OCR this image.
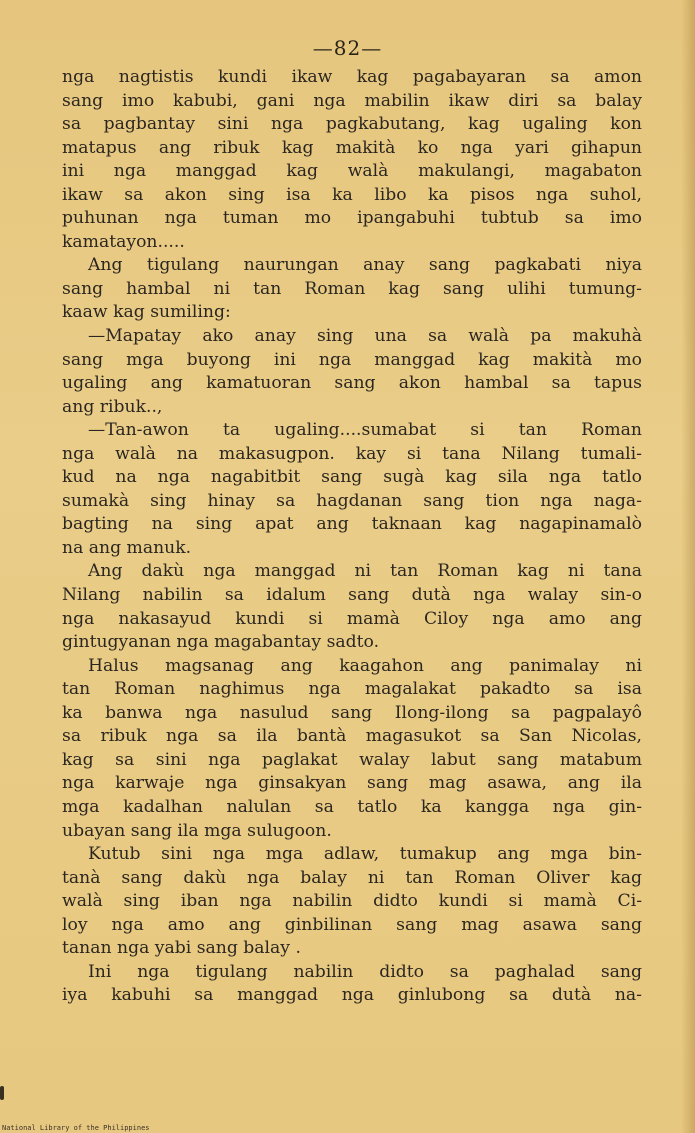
—82—
nga nagtistis kundi ikaw kag pagabayaran sa amon
sang imo kabubi, gani nga mabilin ikaw diri sa balay
sa pagbantay sini nga pagkabutang, kag ugaling kon
matapus ang ribuk kag makità ko nga yari gihapun
ini nga manggad kag walà makulangi, magabaton
ikaw sa akon sing isa ka libo ka pisos nga suhol,
puhunan nga tuman mo ipangabuhi tubtub sa imo
kamatayon.....
Ang tigulang naurungan anay sang pagkabati niya
sang hambal ni tan Roman kag sang ulihi tumung-
kaaw kag sumiling:
—Mapatay ako anay sing una sa walà pa makuhà
sang mga buyong ini nga manggad kag makità mo
ugaling ang kamatuoran sang akon hambal sa tapus
ang ribuk..,
—Tan-awon ta ugaling....sumabat si tan Roman
nga walà na makasugpon. kay si tana Nilang tumali-
kud na nga nagabitbit sang sugà kag sila nga tatlo
sumakà sing hinay sa hagdanan sang tion nga naga-
bagting na sing apat ang taknaan kag nagapinamalò
na ang manuk.
Ang dakù nga manggad ni tan Roman kag ni tana
Nilang nabilin sa idalum sang dutà nga walay sin-o
nga nakasayud kundi si mamà Ciloy nga amo ang
gintugyanan nga magabantay sadto.
Halus magsanag ang kaagahon ang panimalay ni
tan Roman naghimus nga magalakat pakadto sa isa
ka banwa nga nasulud sang Ilong-ilong sa pagpalayô
sa ribuk nga sa ila bantà magasukot sa San Nicolas,
kag sa sini nga paglakat walay labut sang matabum
nga karwaje nga ginsakyan sang mag asawa, ang ila
mga kadalhan nalulan sa tatlo ka kangga nga gin-
ubayan sang ila mga sulugoon.
Kutub sini nga mga adlaw, tumakup ang mga bin-
tanà sang dakù nga balay ni tan Roman Oliver kag
walà sing iban nga nabilin didto kundi si mamà Ci-
loy nga amo ang ginbilinan sang mag asawa sang
tanan nga yabi sang balay .
Ini nga tigulang nabilin didto sa paghalad sang
iya kabuhi sa manggad nga ginlubong sa dutà na-
National Library of the Philippines
